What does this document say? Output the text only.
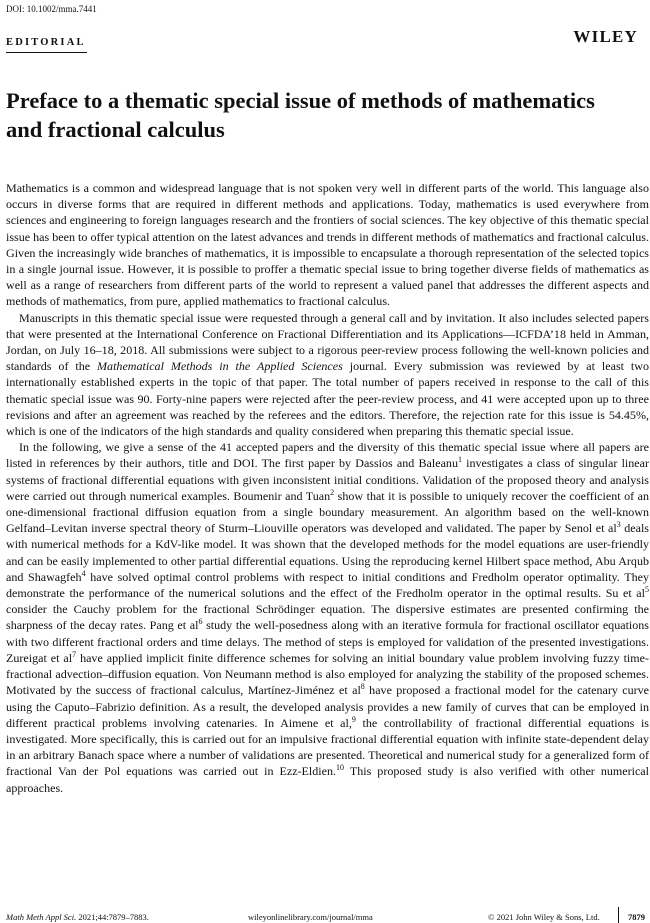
DOI: 10.1002/mma.7441
EDITORIAL	WILEY
Preface to a thematic special issue of methods of mathematics and fractional calculus

Mathematics is a common and widespread language that is not spoken very well in different parts of the world. This language also occurs in diverse forms that are required in different methods and applications. Today, mathematics is used everywhere from sciences and engineering to foreign languages research and the frontiers of social sciences. The key objective of this thematic special issue has been to offer typical attention on the latest advances and trends in different methods of mathematics and fractional calculus. Given the increasingly wide branches of mathematics, it is impossible to encapsulate a thorough representation of the selected topics in a single journal issue. However, it is possible to proffer a thematic special issue to bring together diverse fields of mathematics as well as a range of researchers from different parts of the world to represent a valued panel that addresses the different aspects and methods of mathematics, from pure, applied mathematics to fractional calculus.

Manuscripts in this thematic special issue were requested through a general call and by invitation. It also includes selected papers that were presented at the International Conference on Fractional Differentiation and its Applications—ICFDA’18 held in Amman, Jordan, on July 16–18, 2018. All submissions were subject to a rigorous peer-review process following the well-known policies and standards of the Mathematical Methods in the Applied Sciences journal. Every submission was reviewed by at least two internationally established experts in the topic of that paper. The total number of papers received in response to the call of this thematic special issue was 90. Forty-nine papers were rejected after the peer-review process, and 41 were accepted upon up to three revisions and after an agreement was reached by the referees and the editors. Therefore, the rejection rate for this issue is 54.45%, which is one of the indicators of the high standards and quality considered when preparing this thematic special issue.

In the following, we give a sense of the 41 accepted papers and the diversity of this thematic special issue where all papers are listed in references by their authors, title and DOI. The first paper by Dassios and Baleanu$^1$ investigates a class of singular linear systems of fractional differential equations with given inconsistent initial conditions. Validation of the proposed theory and analysis were carried out through numerical examples. Boumenir and Tuan$^2$ show that it is possible to uniquely recover the coefficient of an one-dimensional fractional diffusion equation from a single boundary measurement. An algorithm based on the well-known Gelfand–Levitan inverse spectral theory of Sturm–Liouville operators was developed and validated. The paper by Senol et $al^3$ deals with numerical methods for a KdV-like model. It was shown that the developed methods for the model equations are user-friendly and can be easily implemented to other partial differential equations. Using the reproducing kernel Hilbert space method, Abu Arqub and Shawagfeh$^4$ have solved optimal control problems with respect to initial conditions and Fredholm operator optimality. They demonstrate the performance of the numerical solutions and the effect of the Fredholm operator in the optimal results. Su et $al^5$ consider the Cauchy problem for the fractional Schrödinger equation. The dispersive estimates are presented confirming the sharpness of the decay rates. Pang et $al^6$ study the well-posedness along with an iterative formula for fractional oscillator equations with two different fractional orders and time delays. The method of steps is employed for validation of the presented investigations. Zureigat et $al^7$ have applied implicit finite difference schemes for solving an initial boundary value problem involving fuzzy time-fractional advection–diffusion equation. Von Neumann method is also employed for analyzing the stability of the proposed schemes. Motivated by the success of fractional calculus, Martínez-Jiménez et $al^8$ have proposed a fractional model for the catenary curve using the Caputo–Fabrizio definition. As a result, the developed analysis provides a new family of curves that can be employed in different practical problems involving catenaries. In Aimene et al,$^9$ the controllability of fractional differential equations is investigated. More specifically, this is carried out for an impulsive fractional differential equation with infinite state-dependent delay in an arbitrary Banach space where a number of validations are presented. Theoretical and numerical study for a generalized form of fractional Van der Pol equations was carried out in Ezz-Eldien.$^{10}$ This proposed study is also verified with other numerical approaches.

Math Meth Appl Sci. 2021;44:7879–7883.	wileyonlinelibrary.com/journal/mma	© 2021 John Wiley & Sons, Ltd.	7879
